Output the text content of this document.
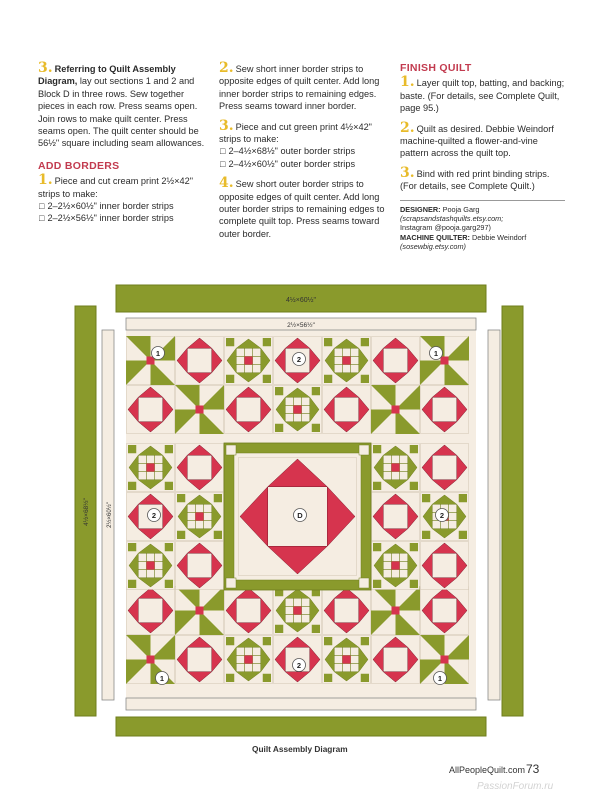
3. Referring to Quilt Assembly Diagram, lay out sections 1 and 2 and Block D in three rows. Sew together pieces in each row. Press seams open. Join rows to make quilt center. Press seams open. The quilt center should be 56½" square including seam allowances.

ADD BORDERS

1. Piece and cut cream print 2½×42" strips to make:
□ 2–2½×60½" inner border strips
□ 2–2½×56½" inner border strips

2. Sew short inner border strips to opposite edges of quilt center. Add long inner border strips to remaining edges. Press seams toward inner border.

3. Piece and cut green print 4½×42" strips to make:
□ 2–4½×68½" outer border strips
□ 2–4½×60½" outer border strips

4. Sew short outer border strips to opposite edges of quilt center. Add long outer border strips to remaining edges to complete quilt top. Press seams toward outer border.

FINISH QUILT

1. Layer quilt top, batting, and backing; baste. (For details, see Complete Quilt, page 95.)

2. Quilt as desired. Debbie Weindorf machine-quilted a flower-and-vine pattern across the quilt top.

3. Bind with red print binding strips. (For details, see Complete Quilt.)

DESIGNER: Pooja Garg
(scrapsandstashquilts.etsy.com;
Instagram @pooja.garg297)
MACHINE QUILTER: Debbie Weindorf
(sosewbig.etsy.com)
4½×60½"
2½×56½"
4½×68½"	2½×60½"
1	1
1	1
2
2
2	2
D
Quilt Assembly Diagram
AllPeopleQuilt.com 73
PassionForum.ru
